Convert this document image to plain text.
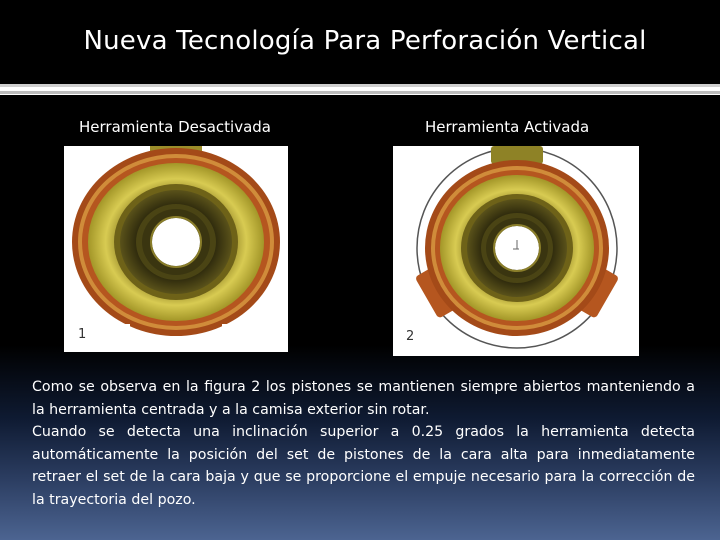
Nueva Tecnología Para Perforación Vertical
Herramienta Desactivada	Herramienta Activada
1	2

Como se observa en la figura 2 los pistones se mantienen siempre abiertos manteniendo a la herramienta centrada y a la camisa exterior sin rotar.

Cuando se detecta una inclinación superior a 0.25 grados la herramienta detecta automáticamente la posición del set de pistones de la cara alta para inmediatamente retraer el set de la cara baja y que se proporcione el empuje necesario para la corrección de la trayectoria del pozo.
